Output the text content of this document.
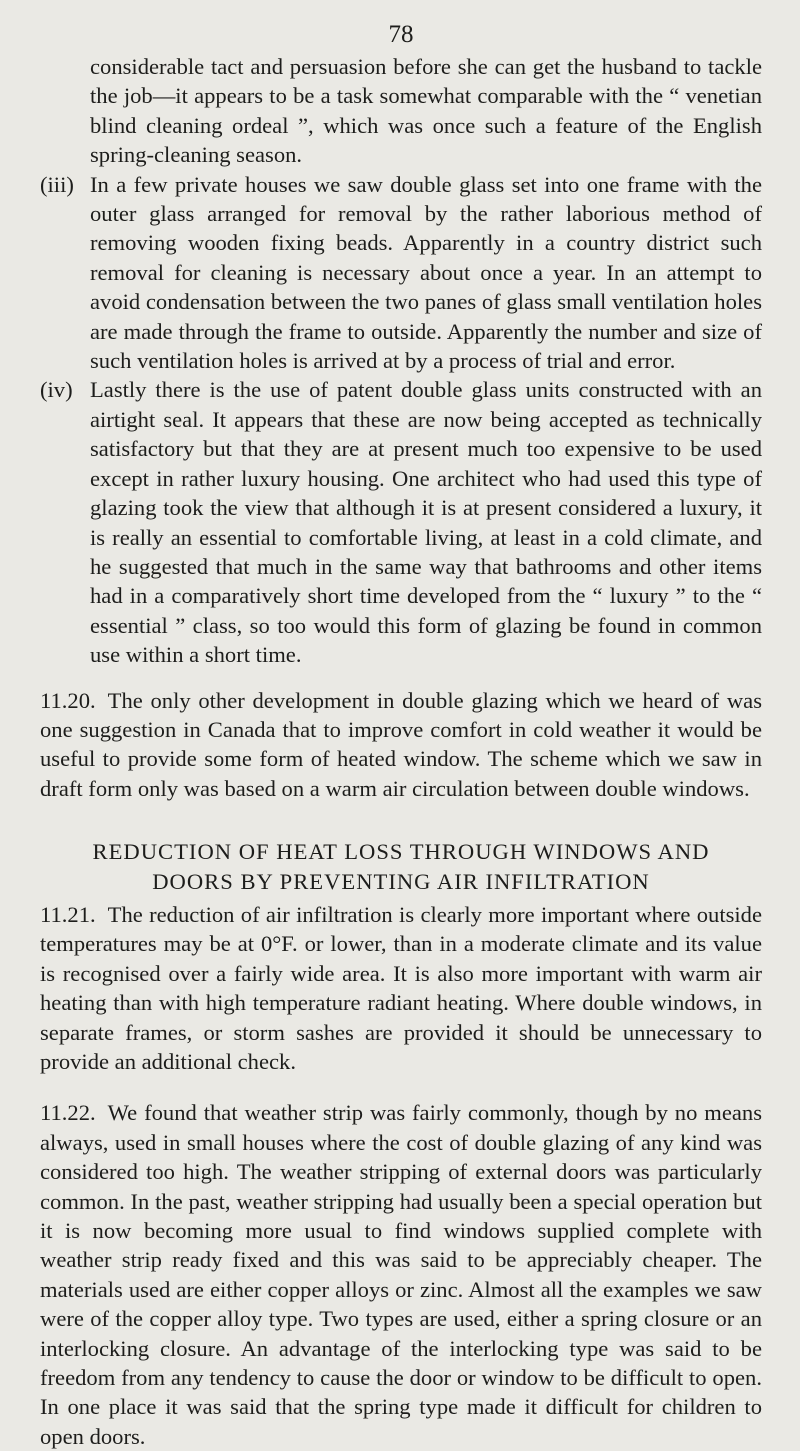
78

considerable tact and persuasion before she can get the husband to tackle the job—it appears to be a task somewhat comparable with the “ venetian blind cleaning ordeal ”, which was once such a feature of the English spring-cleaning season.

(iii) In a few private houses we saw double glass set into one frame with the outer glass arranged for removal by the rather laborious method of removing wooden fixing beads. Apparently in a country district such removal for cleaning is necessary about once a year. In an attempt to avoid condensation between the two panes of glass small ventilation holes are made through the frame to outside. Apparently the number and size of such ventilation holes is arrived at by a process of trial and error.

(iv) Lastly there is the use of patent double glass units constructed with an airtight seal. It appears that these are now being accepted as technically satisfactory but that they are at present much too expensive to be used except in rather luxury housing. One architect who had used this type of glazing took the view that although it is at present considered a luxury, it is really an essential to comfortable living, at least in a cold climate, and he suggested that much in the same way that bathrooms and other items had in a comparatively short time developed from the “ luxury ” to the “ essential ” class, so too would this form of glazing be found in common use within a short time.

11.20. The only other development in double glazing which we heard of was one suggestion in Canada that to improve comfort in cold weather it would be useful to provide some form of heated window. The scheme which we saw in draft form only was based on a warm air circulation between double windows.

REDUCTION OF HEAT LOSS THROUGH WINDOWS AND
DOORS BY PREVENTING AIR INFILTRATION

11.21. The reduction of air infiltration is clearly more important where outside temperatures may be at 0°F. or lower, than in a moderate climate and its value is recognised over a fairly wide area. It is also more important with warm air heating than with high temperature radiant heating. Where double windows, in separate frames, or storm sashes are provided it should be unnecessary to provide an additional check.

11.22. We found that weather strip was fairly commonly, though by no means always, used in small houses where the cost of double glazing of any kind was considered too high. The weather stripping of external doors was particularly common. In the past, weather stripping had usually been a special operation but it is now becoming more usual to find windows supplied complete with weather strip ready fixed and this was said to be appreciably cheaper. The materials used are either copper alloys or zinc. Almost all the examples we saw were of the copper alloy type. Two types are used, either a spring closure or an interlocking closure. An advantage of the interlocking type was said to be freedom from any tendency to cause the door or window to be difficult to open. In one place it was said that the spring type made it difficult for children to open doors.
